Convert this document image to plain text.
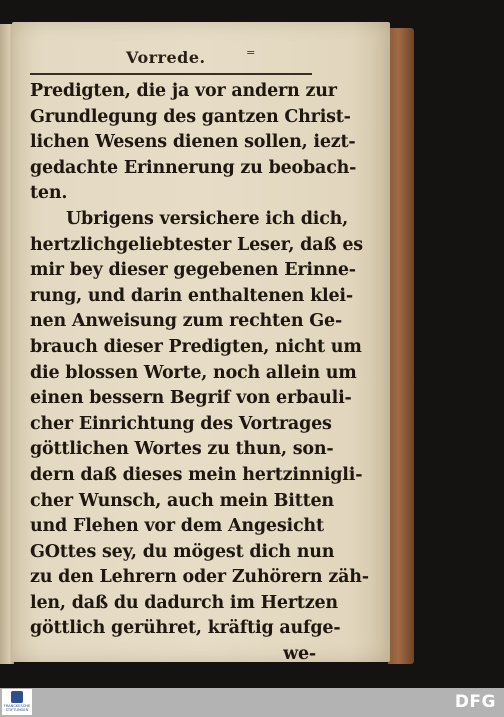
Vorrede. ⁼
Predigten, die ja vor andern zur
Grundlegung des gantzen Christ-
lichen Wesens dienen sollen, iezt-
gedachte Erinnerung zu beobach-
ten.
Ubrigens versichere ich dich,
hertzlichgeliebtester Leser, daß es
mir bey dieser gegebenen Erinne-
rung, und darin enthaltenen klei-
nen Anweisung zum rechten Ge-
brauch dieser Predigten, nicht um
die blossen Worte, noch allein um
einen bessern Begrif von erbauli-
cher Einrichtung des Vortrages
göttlichen Wortes zu thun, son-
dern daß dieses mein hertzinnigli-
cher Wunsch, auch mein Bitten
und Flehen vor dem Angesicht
GOttes sey, du mögest dich nun
zu den Lehrern oder Zuhörern zäh-
len, daß du dadurch im Hertzen
göttlich gerühret, kräftig aufge-
we-
FRANCKESCHE STIFTUNGEN	DFG
